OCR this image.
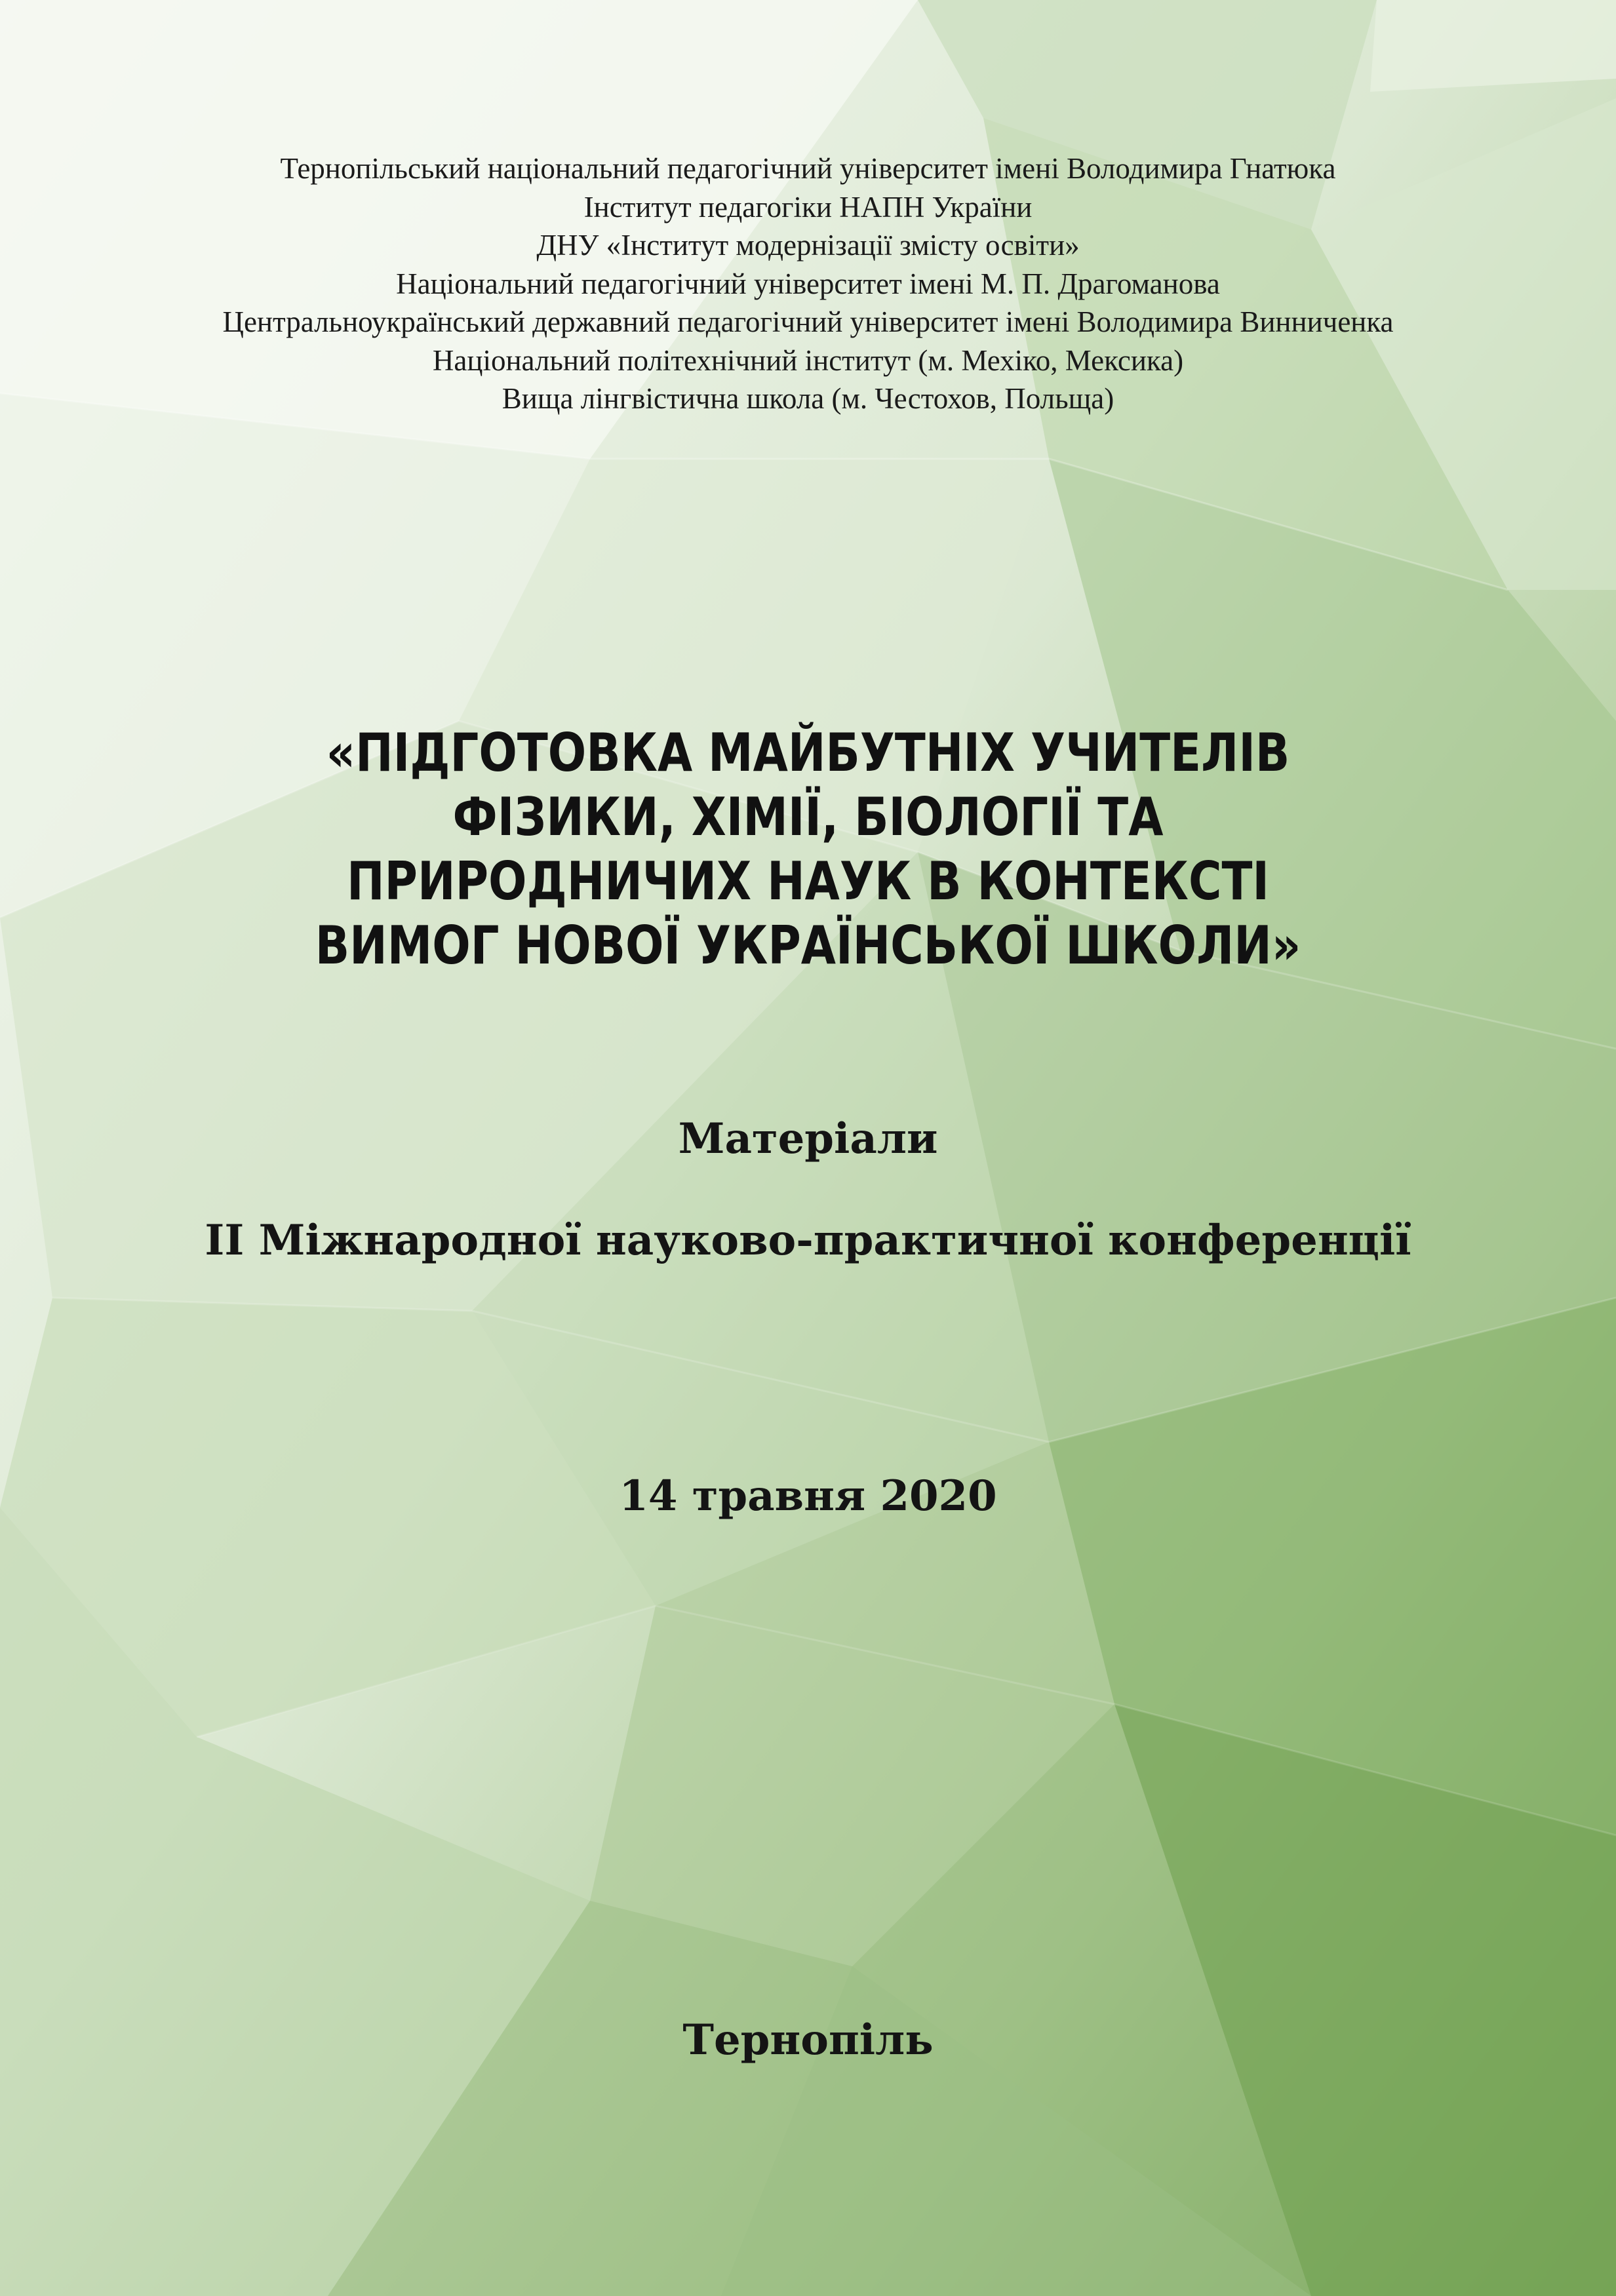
Тернопільський національний педагогічний університет імені Володимира Гнатюка
Інститут педагогіки НАПН України
ДНУ «Інститут модернізації змісту освіти»
Національний педагогічний університет імені М. П. Драгоманова
Центральноукраїнський державний педагогічний університет імені Володимира Винниченка
Національний політехнічний інститут (м. Мехіко, Мексика)
Вища лінгвістична школа (м. Честохов, Польща)
«ПІДГОТОВКА МАЙБУТНІХ УЧИТЕЛІВ
ФІЗИКИ, ХІМІЇ, БІОЛОГІЇ ТА
ПРИРОДНИЧИХ НАУК В КОНТЕКСТІ
ВИМОГ НОВОЇ УКРАЇНСЬКОЇ ШКОЛИ»
Матеріали
ІІ Міжнародної науково-практичної конференції
14 травня 2020
Тернопіль
